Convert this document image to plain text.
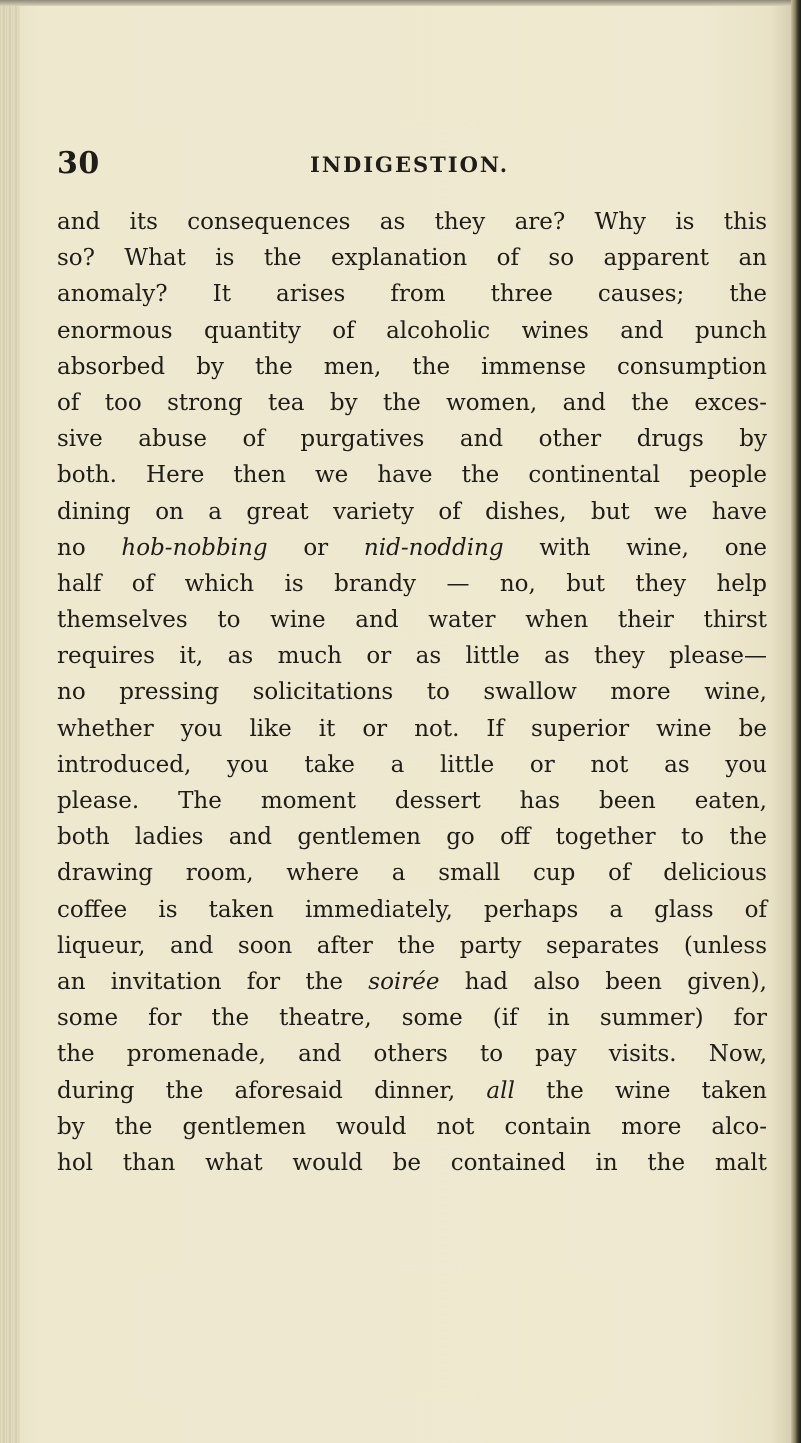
30	INDIGESTION.
and its consequences as they are? Why is this
so? What is the explanation of so apparent an
anomaly? It arises from three causes; the
enormous quantity of alcoholic wines and punch
absorbed by the men, the immense consumption
of too strong tea by the women, and the exces-
sive abuse of purgatives and other drugs by
both. Here then we have the continental people
dining on a great variety of dishes, but we have
no hob-nobbing or nid-nodding with wine, one
half of which is brandy — no, but they help
themselves to wine and water when their thirst
requires it, as much or as little as they please—
no pressing solicitations to swallow more wine,
whether you like it or not. If superior wine be
introduced, you take a little or not as you
please. The moment dessert has been eaten,
both ladies and gentlemen go off together to the
drawing room, where a small cup of delicious
coffee is taken immediately, perhaps a glass of
liqueur, and soon after the party separates (unless
an invitation for the soirée had also been given),
some for the theatre, some (if in summer) for
the promenade, and others to pay visits. Now,
during the aforesaid dinner, all the wine taken
by the gentlemen would not contain more alco-
hol than what would be contained in the malt
